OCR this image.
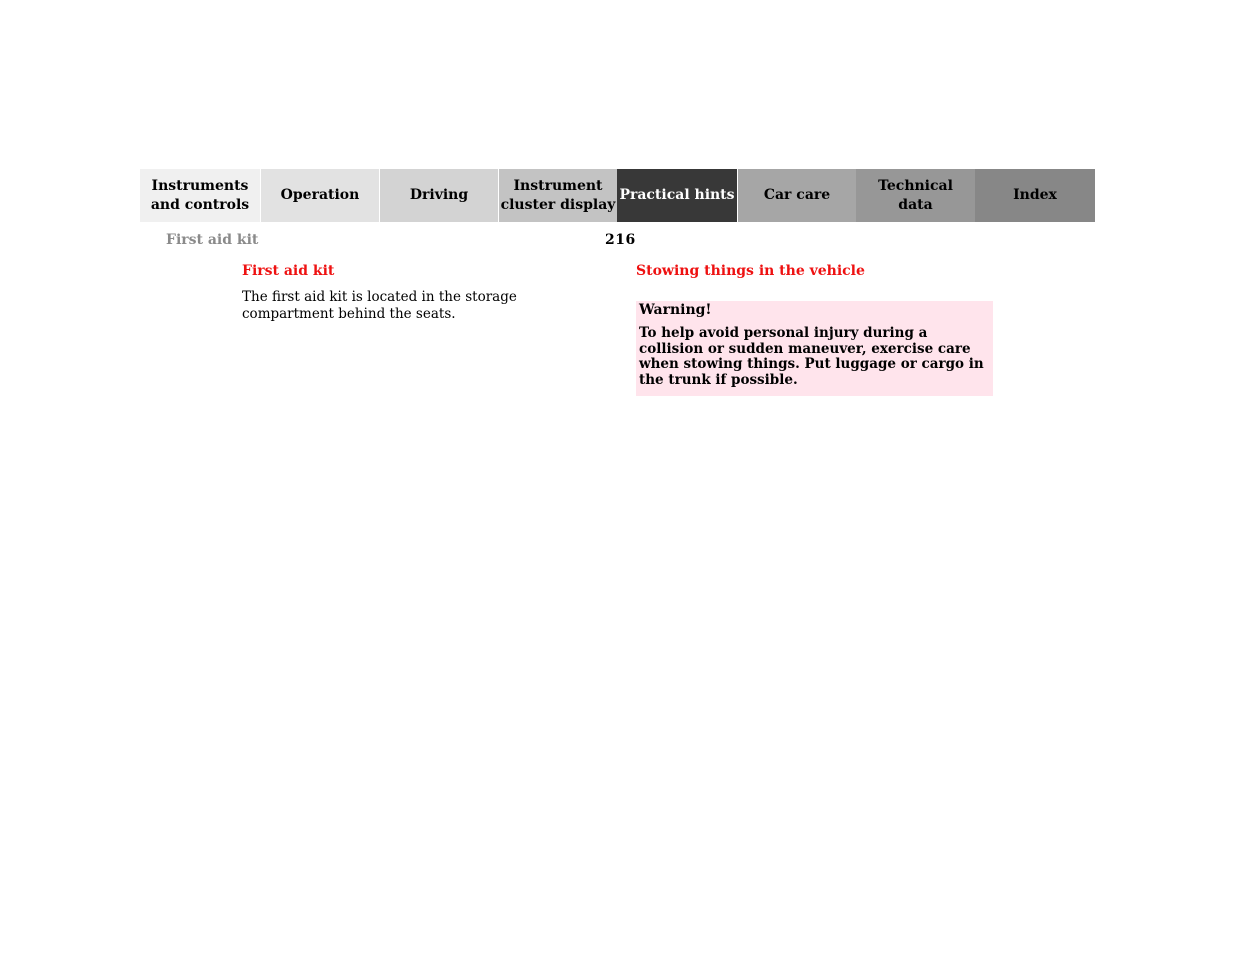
Instruments
and controls
Operation	Driving
Instrument
cluster display
Practical hints	Car care
Technical
data
Index
First aid kit	216
First aid kit
The first aid kit is located in the storage compartment behind the seats.
Stowing things in the vehicle
Warning!
To help avoid personal injury during a collision or sudden maneuver, exercise care when stowing things. Put luggage or cargo in the trunk if possible.
